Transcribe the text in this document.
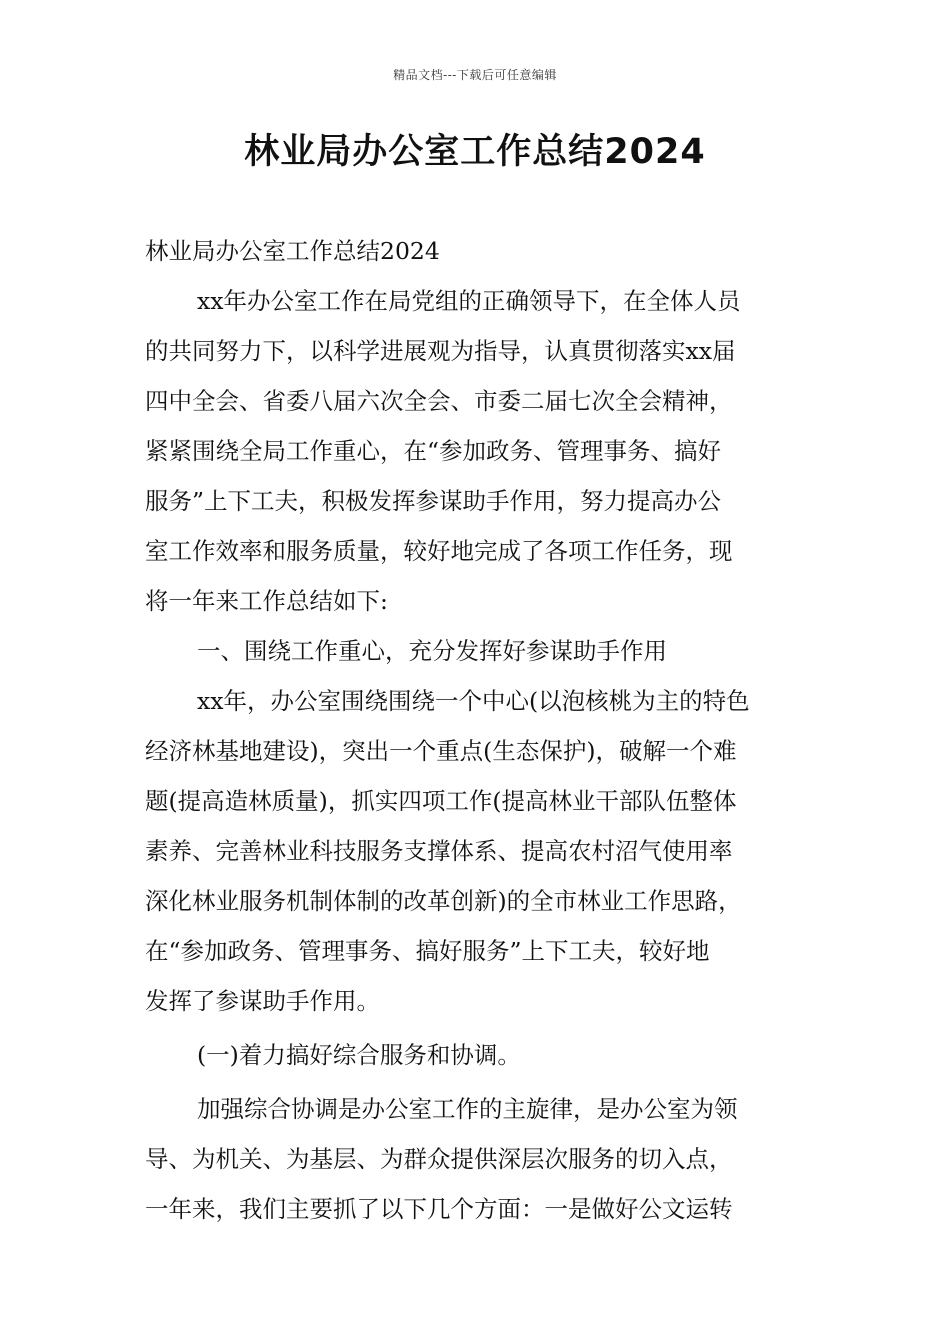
精品文档---下载后可任意编辑
林业局办公室工作总结2024
林业局办公室工作总结2024
xx年办公室工作在局党组的正确领导下，在全体人员
的共同努力下，以科学进展观为指导，认真贯彻落实xx届
四中全会、省委八届六次全会、市委二届七次全会精神，
紧紧围绕全局工作重心，在“参加政务、管理事务、搞好
服务”上下工夫，积极发挥参谋助手作用，努力提高办公
室工作效率和服务质量，较好地完成了各项工作任务，现
将一年来工作总结如下:
一、围绕工作重心，充分发挥好参谋助手作用
xx年，办公室围绕围绕一个中心(以泡核桃为主的特色
经济林基地建设)，突出一个重点(生态保护)，破解一个难
题(提高造林质量)，抓实四项工作(提高林业干部队伍整体
素养、完善林业科技服务支撑体系、提高农村沼气使用率
深化林业服务机制体制的改革创新)的全市林业工作思路，
在“参加政务、管理事务、搞好服务”上下工夫，较好地
发挥了参谋助手作用。
(一)着力搞好综合服务和协调。
加强综合协调是办公室工作的主旋律，是办公室为领
导、为机关、为基层、为群众提供深层次服务的切入点，
一年来，我们主要抓了以下几个方面：一是做好公文运转
